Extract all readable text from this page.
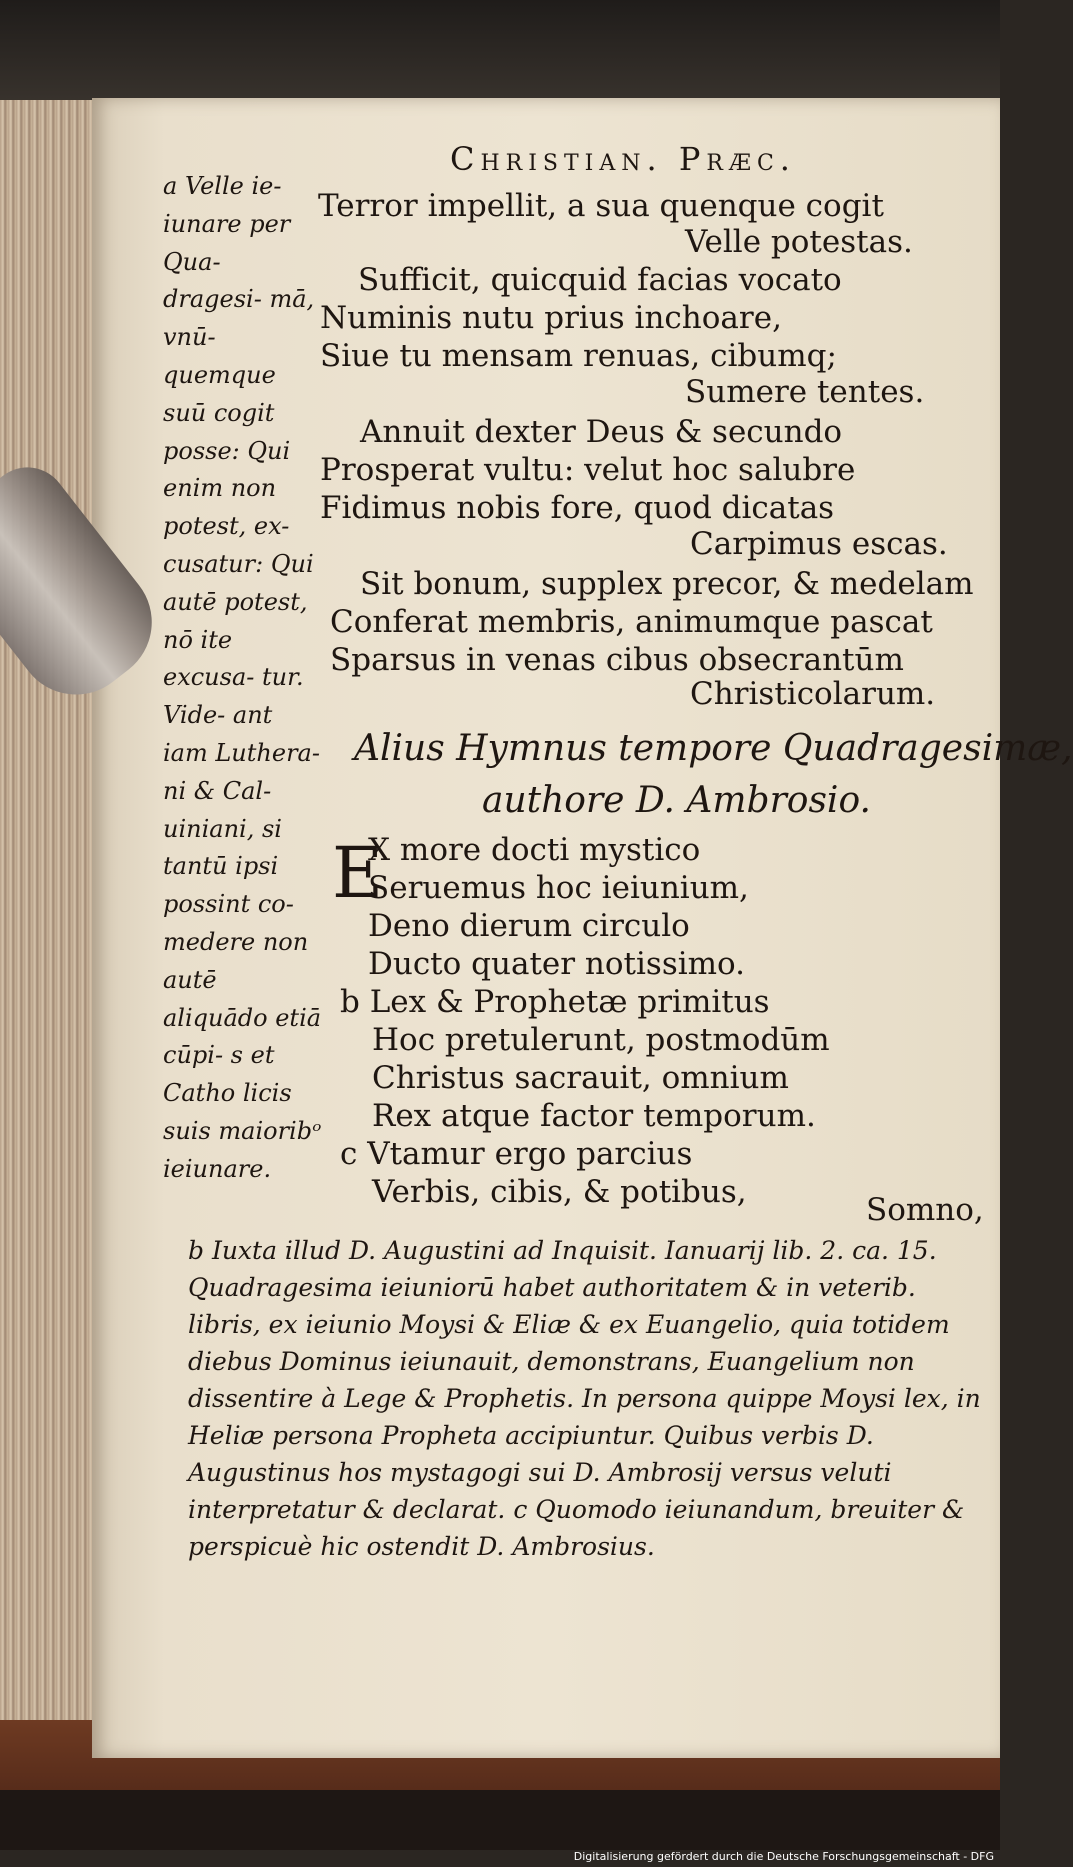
Christian. Præc.
a Velle ie- iunare per Qua- dragesi- mā, vnū- quemque suū cogit posse: Qui enim non potest, ex- cusatur: Qui autē potest, nō ite excusa- tur. Vide- ant iam Luthera- ni & Cal- uiniani, si tantū ipsi possint co- medere non autē aliquādo etiā cūpi- s et Catho licis suis maioribᵒ ieiunare.
Terror impellit, a sua quenque cogit
Velle potestas.
Sufficit, quicquid facias vocato
Numinis nutu prius inchoare,
Siue tu mensam renuas, cibumq;
Sumere tentes.
Annuit dexter Deus & secundo
Prosperat vultu: velut hoc salubre
Fidimus nobis fore, quod dicatas
Carpimus escas.
Sit bonum, supplex precor, & medelam
Conferat membris, animumque pascat
Sparsus in venas cibus obsecrantūm
Christicolarum.
Alius Hymnus tempore Quadragesimæ,
authore D. Ambrosio.
E
X more docti mystico
Seruemus hoc ieiunium,
Deno dierum circulo
Ducto quater notissimo.
b Lex & Prophetæ primitus
Hoc pretulerunt, postmodūm
Christus sacrauit, omnium
Rex atque factor temporum.
c Vtamur ergo parcius
Verbis, cibis, & potibus,	Somno,
b Iuxta illud D. Augustini ad Inquisit. Ianuarij lib. 2. ca. 15. Quadragesima ieiuniorū habet authoritatem & in veterib. libris, ex ieiunio Moysi & Eliæ & ex Euangelio, quia totidem diebus Dominus ieiunauit, demonstrans, Euangelium non dissentire à Lege & Prophetis. In persona quippe Moysi lex, in Heliæ persona Propheta accipiuntur. Quibus verbis D. Augustinus hos mystagogi sui D. Ambrosij versus veluti interpretatur & declarat. c Quomodo ieiunandum, breuiter & perspicuè hic ostendit D. Ambrosius.
Digitalisierung gefördert durch die Deutsche Forschungsgemeinschaft - DFG
